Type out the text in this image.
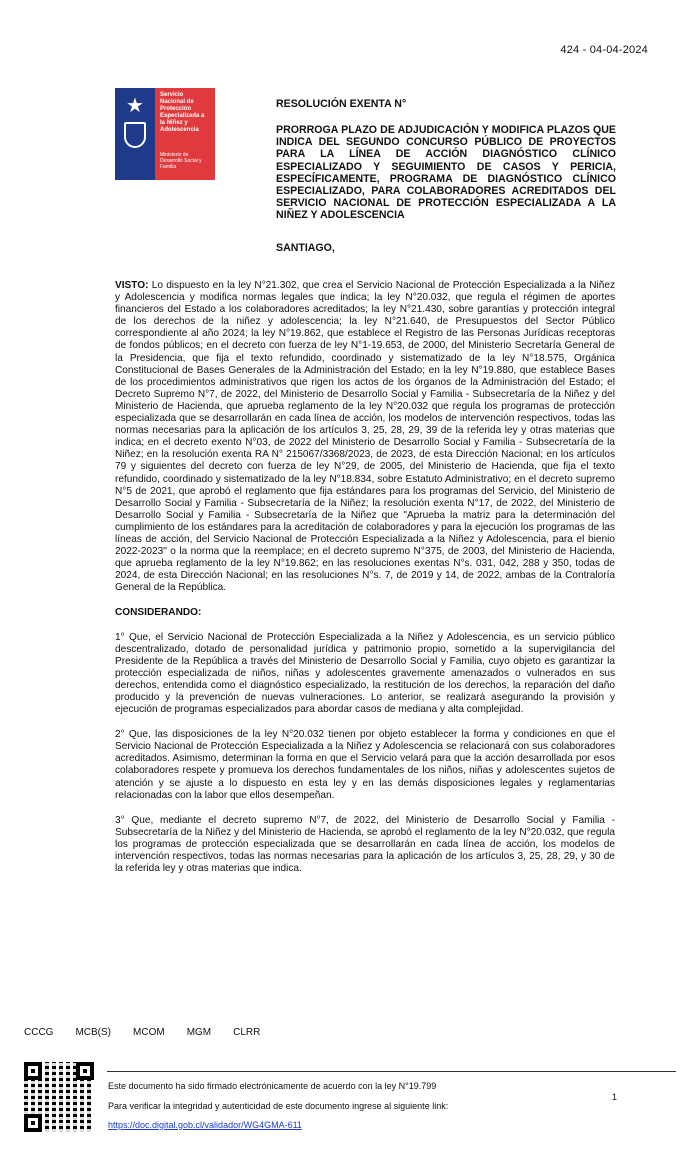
424 - 04-04-2024
★	Servicio Nacional de Protección Especializada a la Niñez y Adolescencia
Ministerio de Desarrollo Social y Familia
RESOLUCIÓN EXENTA N°
PRORROGA PLAZO DE ADJUDICACIÓN Y MODIFICA PLAZOS QUE INDICA DEL SEGUNDO CONCURSO PÚBLICO DE PROYECTOS PARA LA LÍNEA DE ACCIÓN DIAGNÓSTICO CLÍNICO ESPECIALIZADO Y SEGUIMIENTO DE CASOS Y PERICIA, ESPECÍFICAMENTE, PROGRAMA DE DIAGNÓSTICO CLÍNICO ESPECIALIZADO, PARA COLABORADORES ACREDITADOS DEL SERVICIO NACIONAL DE PROTECCIÓN ESPECIALIZADA A LA NIÑEZ Y ADOLESCENCIA
SANTIAGO,

VISTO: Lo dispuesto en la ley N°21.302, que crea el Servicio Nacional de Protección Especializada a la Niñez y Adolescencia y modifica normas legales que indica; la ley N°20.032, que regula el régimen de aportes financieros del Estado a los colaboradores acreditados; la ley N°21.430, sobre garantías y protección integral de los derechos de la niñez y adolescencia; la ley N°21.640, de Presupuestos del Sector Público correspondiente al año 2024; la ley N°19.862, que establece el Registro de las Personas Jurídicas receptoras de fondos públicos; en el decreto con fuerza de ley N°1-19.653, de 2000, del Ministerio Secretaría General de la Presidencia, que fija el texto refundido, coordinado y sistematizado de la ley N°18.575, Orgánica Constitucional de Bases Generales de la Administración del Estado; en la ley N°19.880, que establece Bases de los procedimientos administrativos que rigen los actos de los órganos de la Administración del Estado; el Decreto Supremo N°7, de 2022, del Ministerio de Desarrollo Social y Familia - Subsecretaría de la Niñez y del Ministerio de Hacienda, que aprueba reglamento de la ley N°20.032 que regula los programas de protección especializada que se desarrollarán en cada línea de acción, los modelos de intervención respectivos, todas las normas necesarias para la aplicación de los artículos 3, 25, 28, 29, 39 de la referida ley y otras materias que indica; en el decreto exento N°03, de 2022 del Ministerio de Desarrollo Social y Familia - Subsecretaría de la Niñez; en la resolución exenta RA N° 215067/3368/2023, de 2023, de esta Dirección Nacional; en los artículos 79 y siguientes del decreto con fuerza de ley N°29, de 2005, del Ministerio de Hacienda, que fija el texto refundido, coordinado y sistematizado de la ley N°18.834, sobre Estatuto Administrativo; en el decreto supremo N°5 de 2021, que aprobó el reglamento que fija estándares para los programas del Servicio, del Ministerio de Desarrollo Social y Familia - Subsecretaría de la Niñez; la resolución exenta N°17, de 2022, del Ministerio de Desarrollo Social y Familia - Subsecretaría de la Niñez que "Aprueba la matriz para la determinación del cumplimiento de los estándares para la acreditación de colaboradores y para la ejecución los programas de las líneas de acción, del Servicio Nacional de Protección Especializada a la Niñez y Adolescencia, para el bienio 2022-2023" o la norma que la reemplace; en el decreto supremo N°375, de 2003, del Ministerio de Hacienda, que aprueba reglamento de la ley N°19.862; en las resoluciones exentas N°s. 031, 042, 288 y 350, todas de 2024, de esta Dirección Nacional; en las resoluciones N°s. 7, de 2019 y 14, de 2022, ambas de la Contraloría General de la República.

CONSIDERANDO:

1° Que, el Servicio Nacional de Protección Especializada a la Niñez y Adolescencia, es un servicio público descentralizado, dotado de personalidad jurídica y patrimonio propio, sometido a la supervigilancia del Presidente de la República a través del Ministerio de Desarrollo Social y Familia, cuyo objeto es garantizar la protección especializada de niños, niñas y adolescentes gravemente amenazados o vulnerados en sus derechos, entendida como el diagnóstico especializado, la restitución de los derechos, la reparación del daño producido y la prevención de nuevas vulneraciones. Lo anterior, se realizará asegurando la provisión y ejecución de programas especializados para abordar casos de mediana y alta complejidad.

2° Que, las disposiciones de la ley N°20.032 tienen por objeto establecer la forma y condiciones en que el Servicio Nacional de Protección Especializada a la Niñez y Adolescencia se relacionará con sus colaboradores acreditados. Asimismo, determinan la forma en que el Servicio velará para que la acción desarrollada por esos colaboradores respete y promueva los derechos fundamentales de los niños, niñas y adolescentes sujetos de atención y se ajuste a lo dispuesto en esta ley y en las demás disposiciones legales y reglamentarias relacionadas con la labor que ellos desempeñan.

3° Que, mediante el decreto supremo N°7, de 2022, del Ministerio de Desarrollo Social y Familia - Subsecretaría de la Niñez y del Ministerio de Hacienda, se aprobó el reglamento de la ley N°20.032, que regula los programas de protección especializada que se desarrollarán en cada línea de acción, los modelos de intervención respectivos, todas las normas necesarias para la aplicación de los artículos 3, 25, 28, 29, y 30 de la referida ley y otras materias que indica.

CCCG MCB(S) MCOM MGM CLRR
Este documento ha sido firmado electrónicamente de acuerdo con la ley N°19.799
Para verificar la integridad y autenticidad de este documento ingrese al siguiente link:
https://doc.digital.gob.cl/validador/WG4GMA-611
1
